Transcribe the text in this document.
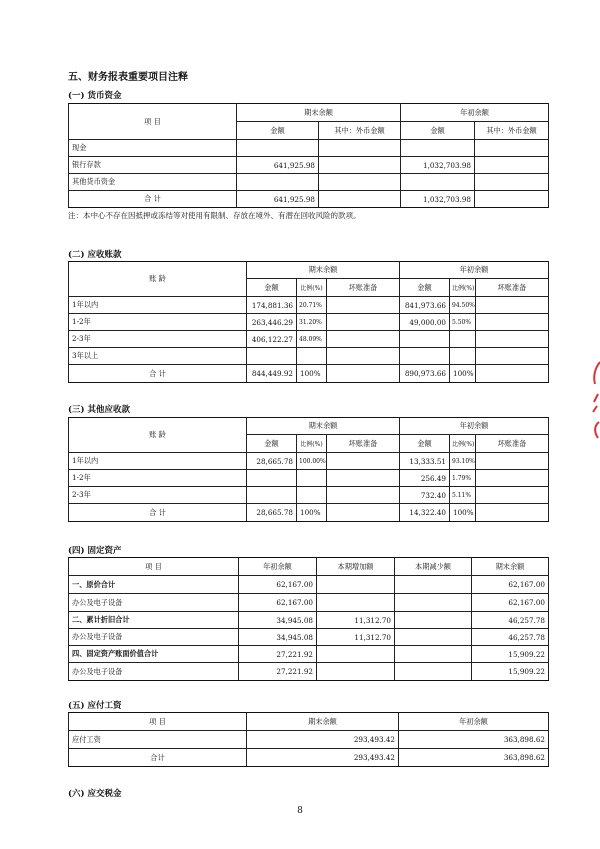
五、财务报表重要项目注释
(一) 货币资金
项 目	期末余额		年初余额	
	金额	其中：外币金额	金额	其中：外币金额
现金				
银行存款	641,925.98		1,032,703.98	
其他货币资金				
合 计	641,925.98		1,032,703.98	
注：本中心不存在因抵押或冻结等对使用有限制、存放在境外、有潜在回收风险的款项。
(二) 应收账款
账 龄	期末余额			年初余额		
	金额	比例(%)	坏账准备	金额	比例(%)	坏账准备
1年以内	174,881.36	20.71%		841,973.66	94.50%	
1-2年	263,446.29	31.20%		49,000.00	5.50%	
2-3年	406,122.27	48.09%				
3年以上						
合 计	844,449.92	100%		890,973.66	100%	
(三) 其他应收款
账 龄	期末余额			年初余额		
	金额	比例(%)	坏账准备	金额	比例(%)	坏账准备
1年以内	28,665.78	100.00%		13,333.51	93.10%	
1-2年				256.49	1.79%	
2-3年				732.40	5.11%	
合 计	28,665.78	100%		14,322.40	100%	
(四) 固定资产
项 目	年初余额	本期增加额	本期减少额	期末余额
一、原价合计	62,167.00			62,167.00
办公及电子设备	62,167.00			62,167.00
二、累计折旧合计	34,945.08	11,312.70		46,257.78
办公及电子设备	34,945.08	11,312.70		46,257.78
四、固定资产账面价值合计	27,221.92			15,909.22
办公及电子设备	27,221.92			15,909.22
(五) 应付工资
项 目	期末余额	年初余额
应付工资	293,493.42	363,898.62
合计	293,493.42	363,898.62
(六) 应交税金
8
